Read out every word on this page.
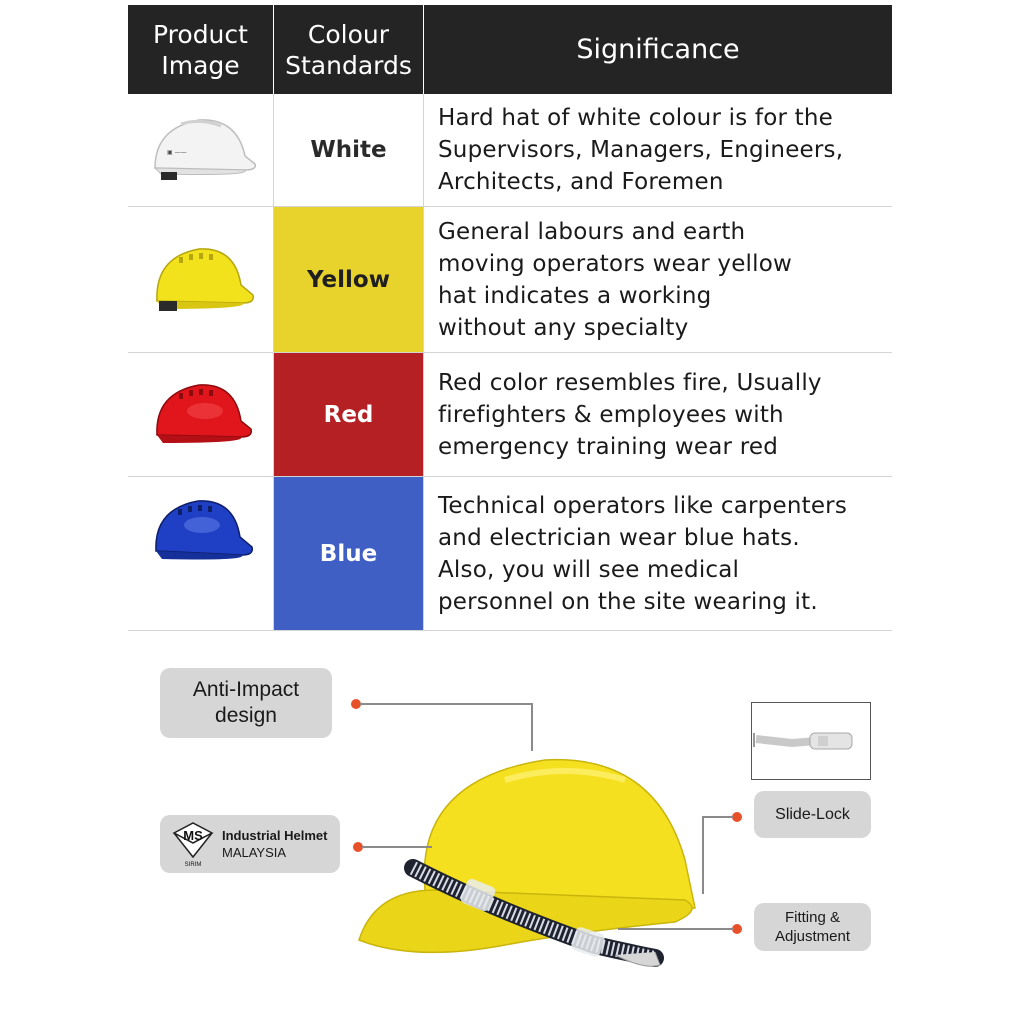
Product
Image
Colour
Standards	Significance
▣ ——	White
Hard hat of white colour is for the
Supervisors, Managers, Engineers,
Architects, and Foremen
Yellow
General labours and earth
moving operators wear yellow
hat indicates a working
without any specialty
Red
Red color resembles fire, Usually
firefighters & employees with
emergency training wear red
Blue
Technical operators like carpenters
and electrician wear blue hats.
Also, you will see medical
personnel on the site wearing it.
Anti-Impact
design
MS
SIRIM
Industrial Helmet
MALAYSIA
Slide-Lock
Fitting &
Adjustment
